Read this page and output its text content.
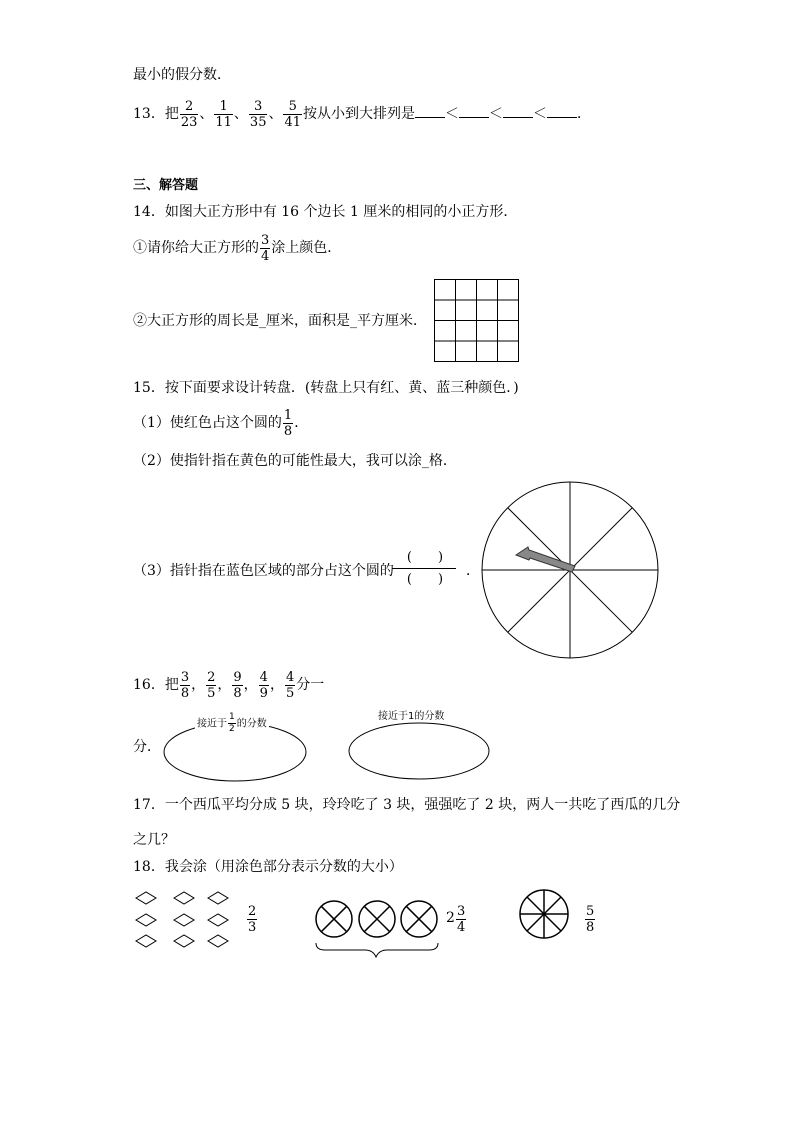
最小的假分数．
13．把 $\frac{2}{23}$ 、 $\frac{1}{11}$ 、 $\frac{3}{35}$ 、 $\frac{5}{41}$ 按从小到大排列是 ＜ ＜ ＜ ．
三、解答题
14．如图大正方形中有 16 个边长 1 厘米的相同的小正方形．
①请你给大正方形的 $\frac{3}{4}$ 涂上颜色．
②大正方形的周长是_厘米，面积是_平方厘米．
15．按下面要求设计转盘．(转盘上只有红、黄、蓝三种颜色．)
（1）使红色占这个圆的 $\frac{1}{8}$ ．
（2）使指针指在黄色的可能性最大，我可以涂_格．
（3）指针指在蓝色区域的部分占这个圆的
(　　)
(　　)
．
16．把 $\frac{3}{8}$ ， $\frac{2}{5}$ ， $\frac{9}{8}$ ， $\frac{4}{9}$ ， $\frac{4}{5}$ 分一
分．
接近于 $\frac{1}{2}$ 的分数
接近于1的分数
17．一个西瓜平均分成 5 块，玲玲吃了 3 块，强强吃了 2 块，两人一共吃了西瓜的几分
之几？
18．我会涂（用涂色部分表示分数的大小）
$\frac{2}{3}$	$2 \frac{3}{4}$	$\frac{5}{8}$
